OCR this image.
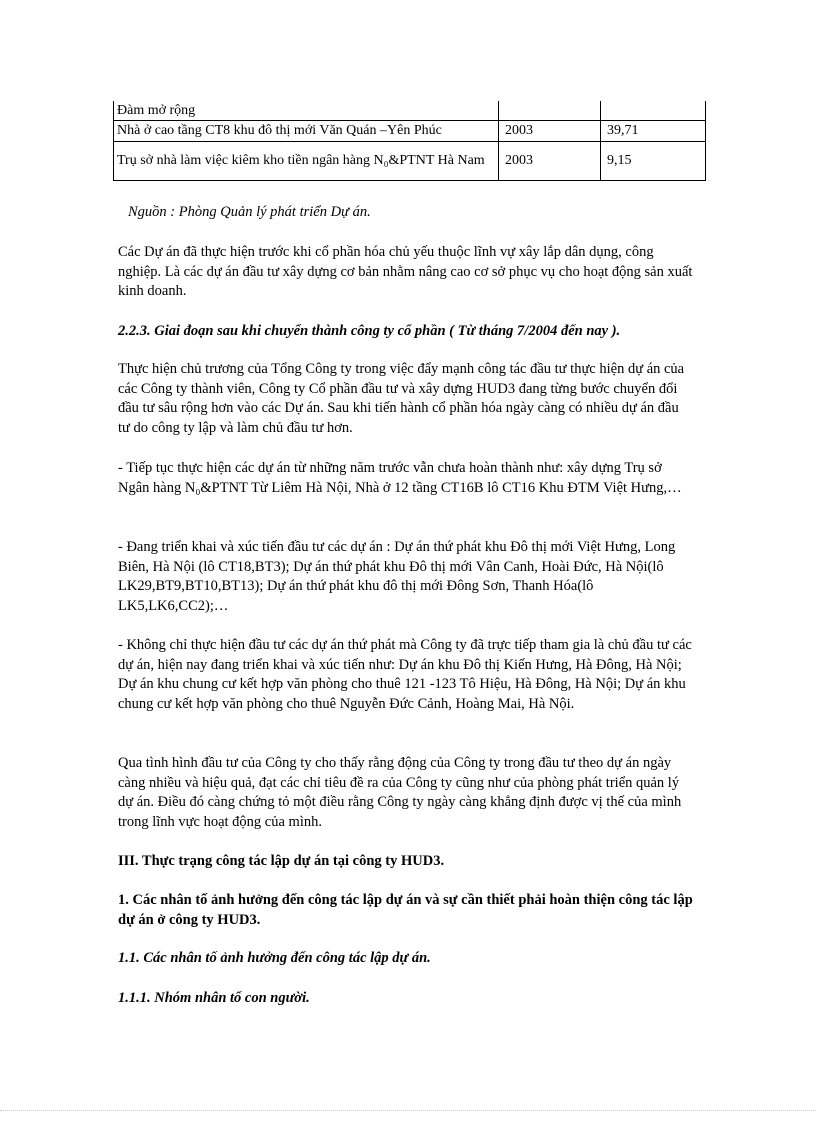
Đàm mở rộng		
Nhà ở cao tầng CT8 khu đô thị mới Văn Quán –Yên Phúc	2003	39,71
Trụ sở nhà làm việc kiêm kho tiền ngân hàng N₀&PTNT Hà Nam	2003	9,15

Nguồn : Phòng Quản lý phát triển Dự án.

Các Dự án đã thực hiện trước khi cổ phần hóa chủ yếu thuộc lĩnh vự xây lắp dân dụng, công nghiệp. Là các dự án đầu tư xây dựng cơ bản nhằm nâng cao cơ sở phục vụ cho hoạt động sản xuất kinh doanh.

2.2.3. Giai đoạn sau khi chuyển thành công ty cổ phần ( Từ tháng 7/2004 đến nay ).

Thực hiện chủ trương của Tổng Công ty trong việc đẩy mạnh công tác đầu tư thực hiện dự án của các Công ty thành viên, Công ty Cổ phần đầu tư và xây dựng HUD3 đang từng bước chuyển đổi đầu tư sâu rộng hơn vào các Dự án. Sau khi tiến hành cổ phần hóa ngày càng có nhiều dự án đầu tư do công ty lập và làm chủ đầu tư hơn.

- Tiếp tục thực hiện các dự án từ những năm trước vẫn chưa hoàn thành như: xây dựng Trụ sở Ngân hàng N₀&PTNT Từ Liêm Hà Nội, Nhà ở 12 tầng CT16B lô CT16 Khu ĐTM Việt Hưng,…

- Đang triển khai và xúc tiến đầu tư các dự án : Dự án thứ phát khu Đô thị mới Việt Hưng, Long Biên, Hà Nội (lô CT18,BT3); Dự án thứ phát khu Đô thị mới Vân Canh, Hoài Đức, Hà Nội(lô LK29,BT9,BT10,BT13); Dự án thứ phát khu đô thị mới Đông Sơn, Thanh Hóa(lô LK5,LK6,CC2);…

- Không chỉ thực hiện đầu tư các dự án thứ phát mà Công ty đã trực tiếp tham gia là chủ đầu tư các dự án, hiện nay đang triển khai và xúc tiến như: Dự án khu Đô thị Kiến Hưng, Hà Đông, Hà Nội; Dự án khu chung cư kết hợp văn phòng cho thuê 121 -123 Tô Hiệu, Hà Đông, Hà Nội; Dự án khu chung cư kết hợp văn phòng cho thuê Nguyễn Đức Cảnh, Hoàng Mai, Hà Nội.

Qua tình hình đầu tư của Công ty cho thấy rằng động của Công ty trong đầu tư theo dự án ngày càng nhiều và hiệu quả, đạt các chỉ tiêu đề ra của Công ty cũng như của phòng phát triển quản lý dự án. Điều đó càng chứng tỏ một điều rằng Công ty ngày càng khẳng định được vị thế của mình trong lĩnh vực hoạt động của mình.

III. Thực trạng công tác lập dự án tại công ty HUD3.

1. Các nhân tố ảnh hưởng đến công tác lập dự án và sự cần thiết phải hoàn thiện công tác lập dự án ở công ty HUD3.

1.1. Các nhân tố ảnh hưởng đến công tác lập dự án.

1.1.1. Nhóm nhân tố con người.
